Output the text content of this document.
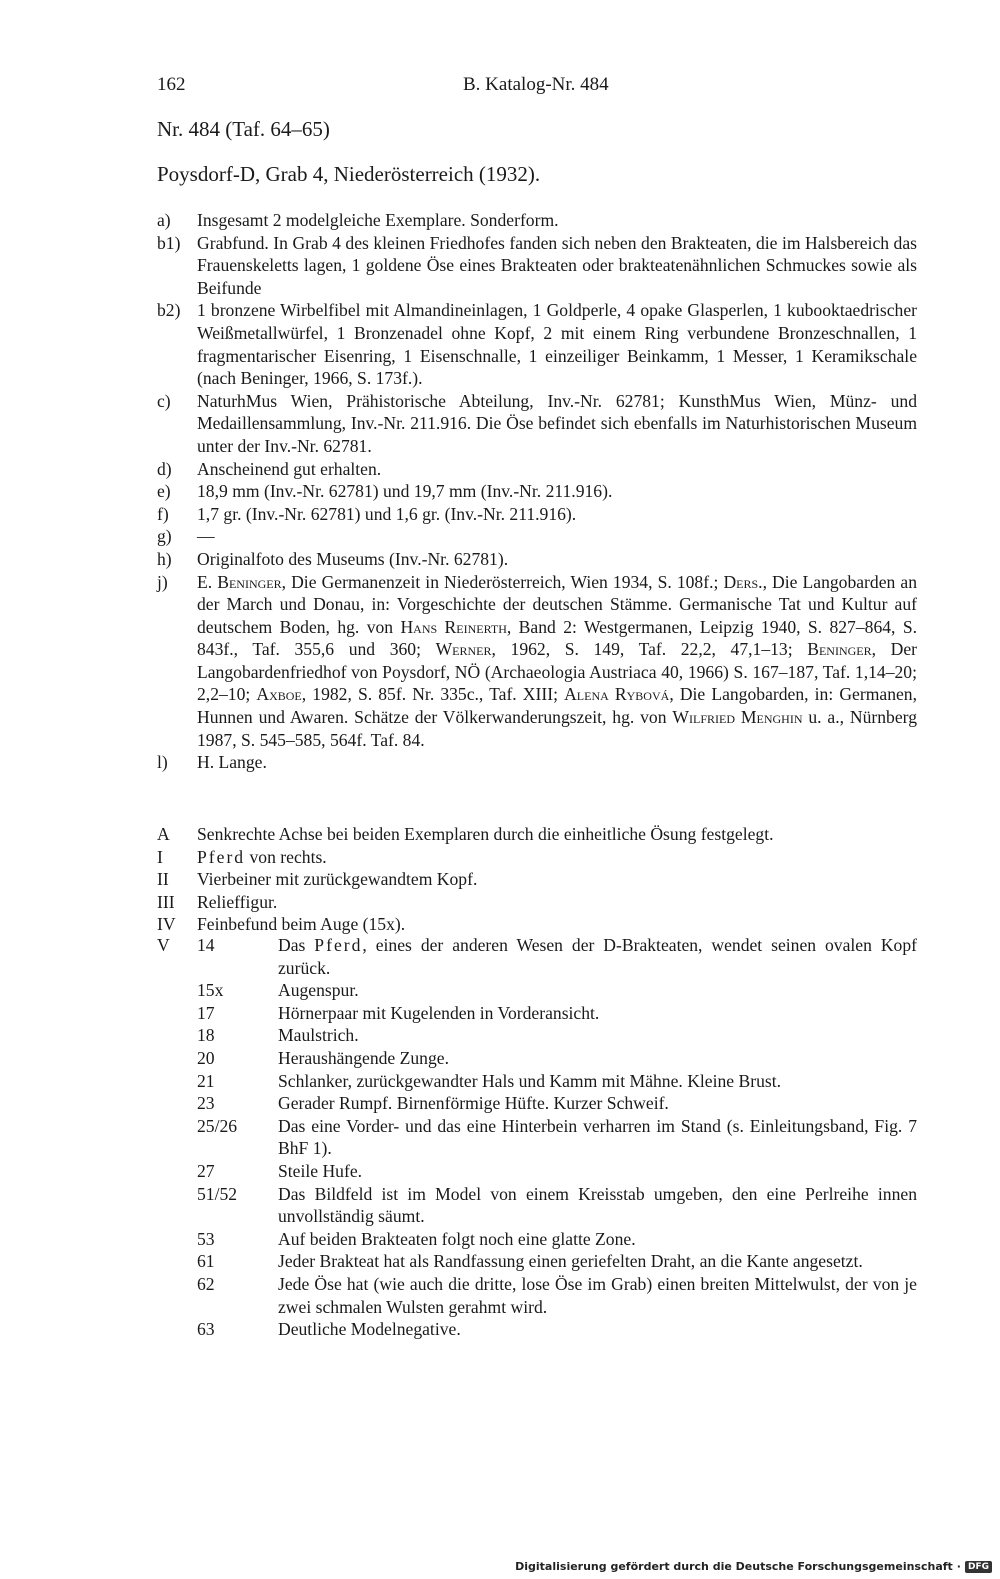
162	B. Katalog-Nr. 484
Nr. 484 (Taf. 64–65)
Poysdorf-D, Grab 4, Niederösterreich (1932).
a)	Insgesamt 2 modelgleiche Exemplare. Sonderform.
b1) Grabfund. In Grab 4 des kleinen Friedhofes fanden sich neben den Brakteaten, die im Halsbereich das Frauenskeletts lagen, 1 goldene Öse eines Brakteaten oder brakteatenähnlichen Schmuckes sowie als Beifunde
b2) 1 bronzene Wirbelfibel mit Almandineinlagen, 1 Goldperle, 4 opake Glasperlen, 1 kubooktaedrischer Weißmetallwürfel, 1 Bronzenadel ohne Kopf, 2 mit einem Ring verbundene Bronzeschnallen, 1 fragmentarischer Eisenring, 1 Eisenschnalle, 1 einzeiliger Beinkamm, 1 Messer, 1 Keramikschale (nach Beninger, 1966, S. 173f.).
c)	NaturhMus Wien, Prähistorische Abteilung, Inv.-Nr. 62781; KunsthMus Wien, Münz- und Medaillensammlung, Inv.-Nr. 211.916. Die Öse befindet sich ebenfalls im Naturhistorischen Museum unter der Inv.-Nr. 62781.
d)	Anscheinend gut erhalten.
e)	18,9 mm (Inv.-Nr. 62781) und 19,7 mm (Inv.-Nr. 211.916).
f)	1,7 gr. (Inv.-Nr. 62781) und 1,6 gr. (Inv.-Nr. 211.916).
g)	—
h)	Originalfoto des Museums (Inv.-Nr. 62781).
j)	E. Beninger, Die Germanenzeit in Niederösterreich, Wien 1934, S. 108f.; Ders., Die Langobarden an der March und Donau, in: Vorgeschichte der deutschen Stämme. Germanische Tat und Kultur auf deutschem Boden, hg. von Hans Reinerth, Band 2: Westgermanen, Leipzig 1940, S. 827–864, S. 843f., Taf. 355,6 und 360; Werner, 1962, S. 149, Taf. 22,2, 47,1–13; Beninger, Der Langobardenfriedhof von Poysdorf, NÖ (Archaeologia Austriaca 40, 1966) S. 167–187, Taf. 1,14–20; 2,2–10; Axboe, 1982, S. 85f. Nr. 335c., Taf. XIII; Alena Rybová, Die Langobarden, in: Germanen, Hunnen und Awaren. Schätze der Völkerwanderungszeit, hg. von Wilfried Menghin u. a., Nürnberg 1987, S. 545–585, 564f. Taf. 84.
l)	H. Lange.
A	Senkrechte Achse bei beiden Exemplaren durch die einheitliche Ösung festgelegt.
I	Pferd von rechts.
II	Vierbeiner mit zurückgewandtem Kopf.
III	Relieffigur.
IV	Feinbefund beim Auge (15x).
V 14	Das Pferd, eines der anderen Wesen der D-Brakteaten, wendet seinen ovalen Kopf zurück.
15x	Augenspur.
17	Hörnerpaar mit Kugelenden in Vorderansicht.
18	Maulstrich.
20	Heraushängende Zunge.
21	Schlanker, zurückgewandter Hals und Kamm mit Mähne. Kleine Brust.
23	Gerader Rumpf. Birnenförmige Hüfte. Kurzer Schweif.
25/26	Das eine Vorder- und das eine Hinterbein verharren im Stand (s. Einleitungsband, Fig. 7 BhF 1).
27	Steile Hufe.
51/52	Das Bildfeld ist im Model von einem Kreisstab umgeben, den eine Perlreihe innen unvollständig säumt.
53	Auf beiden Brakteaten folgt noch eine glatte Zone.
61	Jeder Brakteat hat als Randfassung einen geriefelten Draht, an die Kante angesetzt.
62	Jede Öse hat (wie auch die dritte, lose Öse im Grab) einen breiten Mittelwulst, der von je zwei schmalen Wulsten gerahmt wird.
63	Deutliche Modelnegative.
Digitalisierung gefördert durch die Deutsche Forschungsgemeinschaft · DFG
